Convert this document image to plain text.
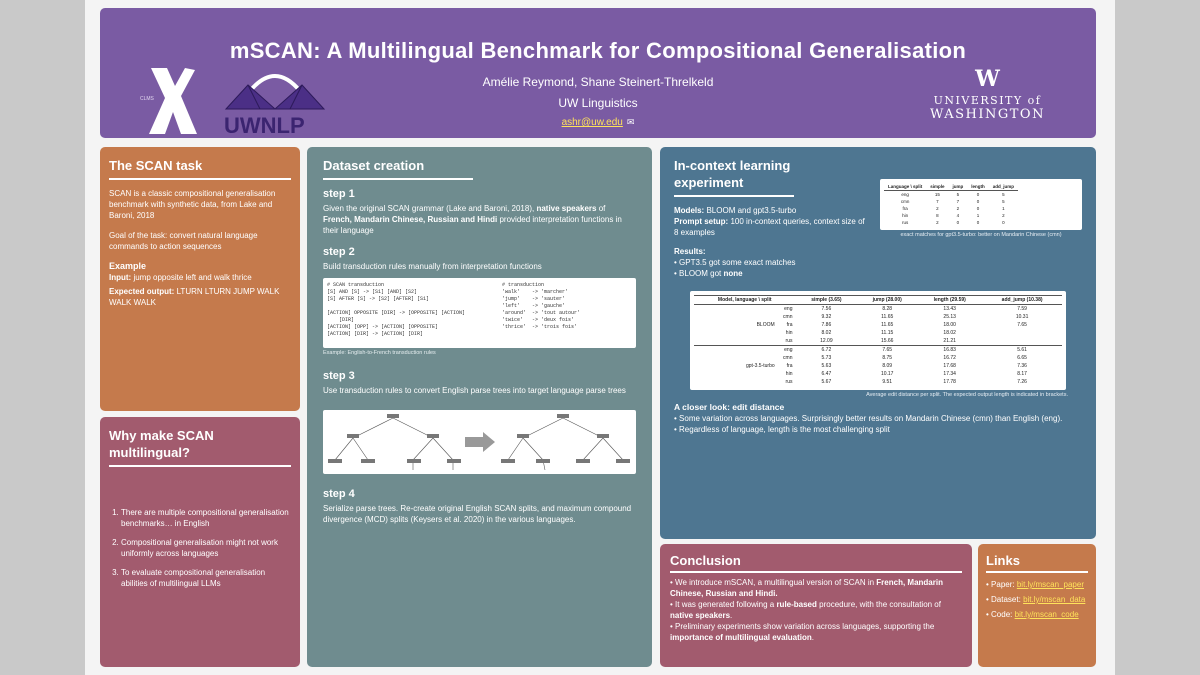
mSCAN: A Multilingual Benchmark for Compositional Generalisation
Amélie Reymond, Shane Steinert-Threlkeld
UW Linguistics
ashr@uw.edu ✉
CLMS
UWNLP
W
UNIVERSITY of
WASHINGTON
The SCAN task

SCAN is a classic compositional generalisation benchmark with synthetic data, from Lake and Baroni, 2018

Goal of the task: convert natural language commands to action sequences

Example

Input: jump opposite left and walk thrice

Expected output: LTURN LTURN JUMP WALK WALK WALK

Why make SCAN multilingual?
1. There are multiple compositional generalisation benchmarks… in English
2. Compositional generalisation might not work uniformly across languages
3. To evaluate compositional generalisation abilities of multilingual LLMs
Dataset creation
step 1

Given the original SCAN grammar (Lake and Baroni, 2018), native speakers of French, Mandarin Chinese, Russian and Hindi provided interpretation functions in their language

step 2

Build transduction rules manually from interpretation functions

# SCAN transduction
[S] AND [S] -> [S1] [AND] [S2]
[S] AFTER [S] -> [S2] [AFTER] [S1]

[ACTION] OPPOSITE [DIR] -> [OPPOSITE] [ACTION]
[DIR]
[ACTION] [OPP] -> [ACTION] [OPPOSITE]
[ACTION] [DIR] -> [ACTION] [DIR]
# transduction
'walk'    -> 'marcher'
'jump'    -> 'sauter'
'left'    -> 'gauche'
'around'  -> 'tout autour'
'twice'   -> 'deux fois'
'thrice'  -> 'trois fois'
Example: English-to-French transduction rules
step 3

Use transduction rules to convert English parse trees into target language parse trees

step 4

Serialize parse trees. Re-create original English SCAN splits, and maximum compound divergence (MCD) splits (Keysers et al. 2020) in the various languages.

In-context learning experiment

Models: BLOOM and gpt3.5-turbo

Prompt setup: 100 in-context queries, context size of 8 examples

Results:

• GPT3.5 got some exact matches
• BLOOM got none
Language \ split	simple	jump	length	add_jump
eng	15	5	0	5
cmn	7	7	0	5
fra	2	2	0	1
hin	8	4	1	2
rus	2	0	0	0
exact matches for gpt3.5-turbo: better on Mandarin Chinese (cmn)
Model, language \ split	simple (3.65)	jump (28.00)	length (29.59)	add_jump (10.38)
eng	7.56	8.28	13.43	7.59
cmn	9.32	11.65	25.13	10.31
BLOOM fra	7.86	11.65	18.00	7.65
hin	8.02	11.15	18.02	
rus	12.09	15.66	21.21	
eng	6.72	7.65	16.83	5.61
cmn	5.73	8.75	16.72	6.65
gpt-3.5-turbo fra	5.63	8.09	17.68	7.36
hin	6.47	10.17	17.34	8.17
rus	5.67	9.51	17.78	7.26
Average edit distance per split. The expected output length is indicated in brackets.

A closer look: edit distance

• Some variation across languages. Surprisingly better results on Mandarin Chinese (cmn) than English (eng).
• Regardless of language, length is the most challenging split
Conclusion
• We introduce mSCAN, a multilingual version of SCAN in French, Mandarin Chinese, Russian and Hindi.
• It was generated following a rule-based procedure, with the consultation of native speakers.
• Preliminary experiments show variation across languages, supporting the importance of multilingual evaluation.
Links
• Paper: bit.ly/mscan_paper
• Dataset: bit.ly/mscan_data
• Code: bit.ly/mscan_code
